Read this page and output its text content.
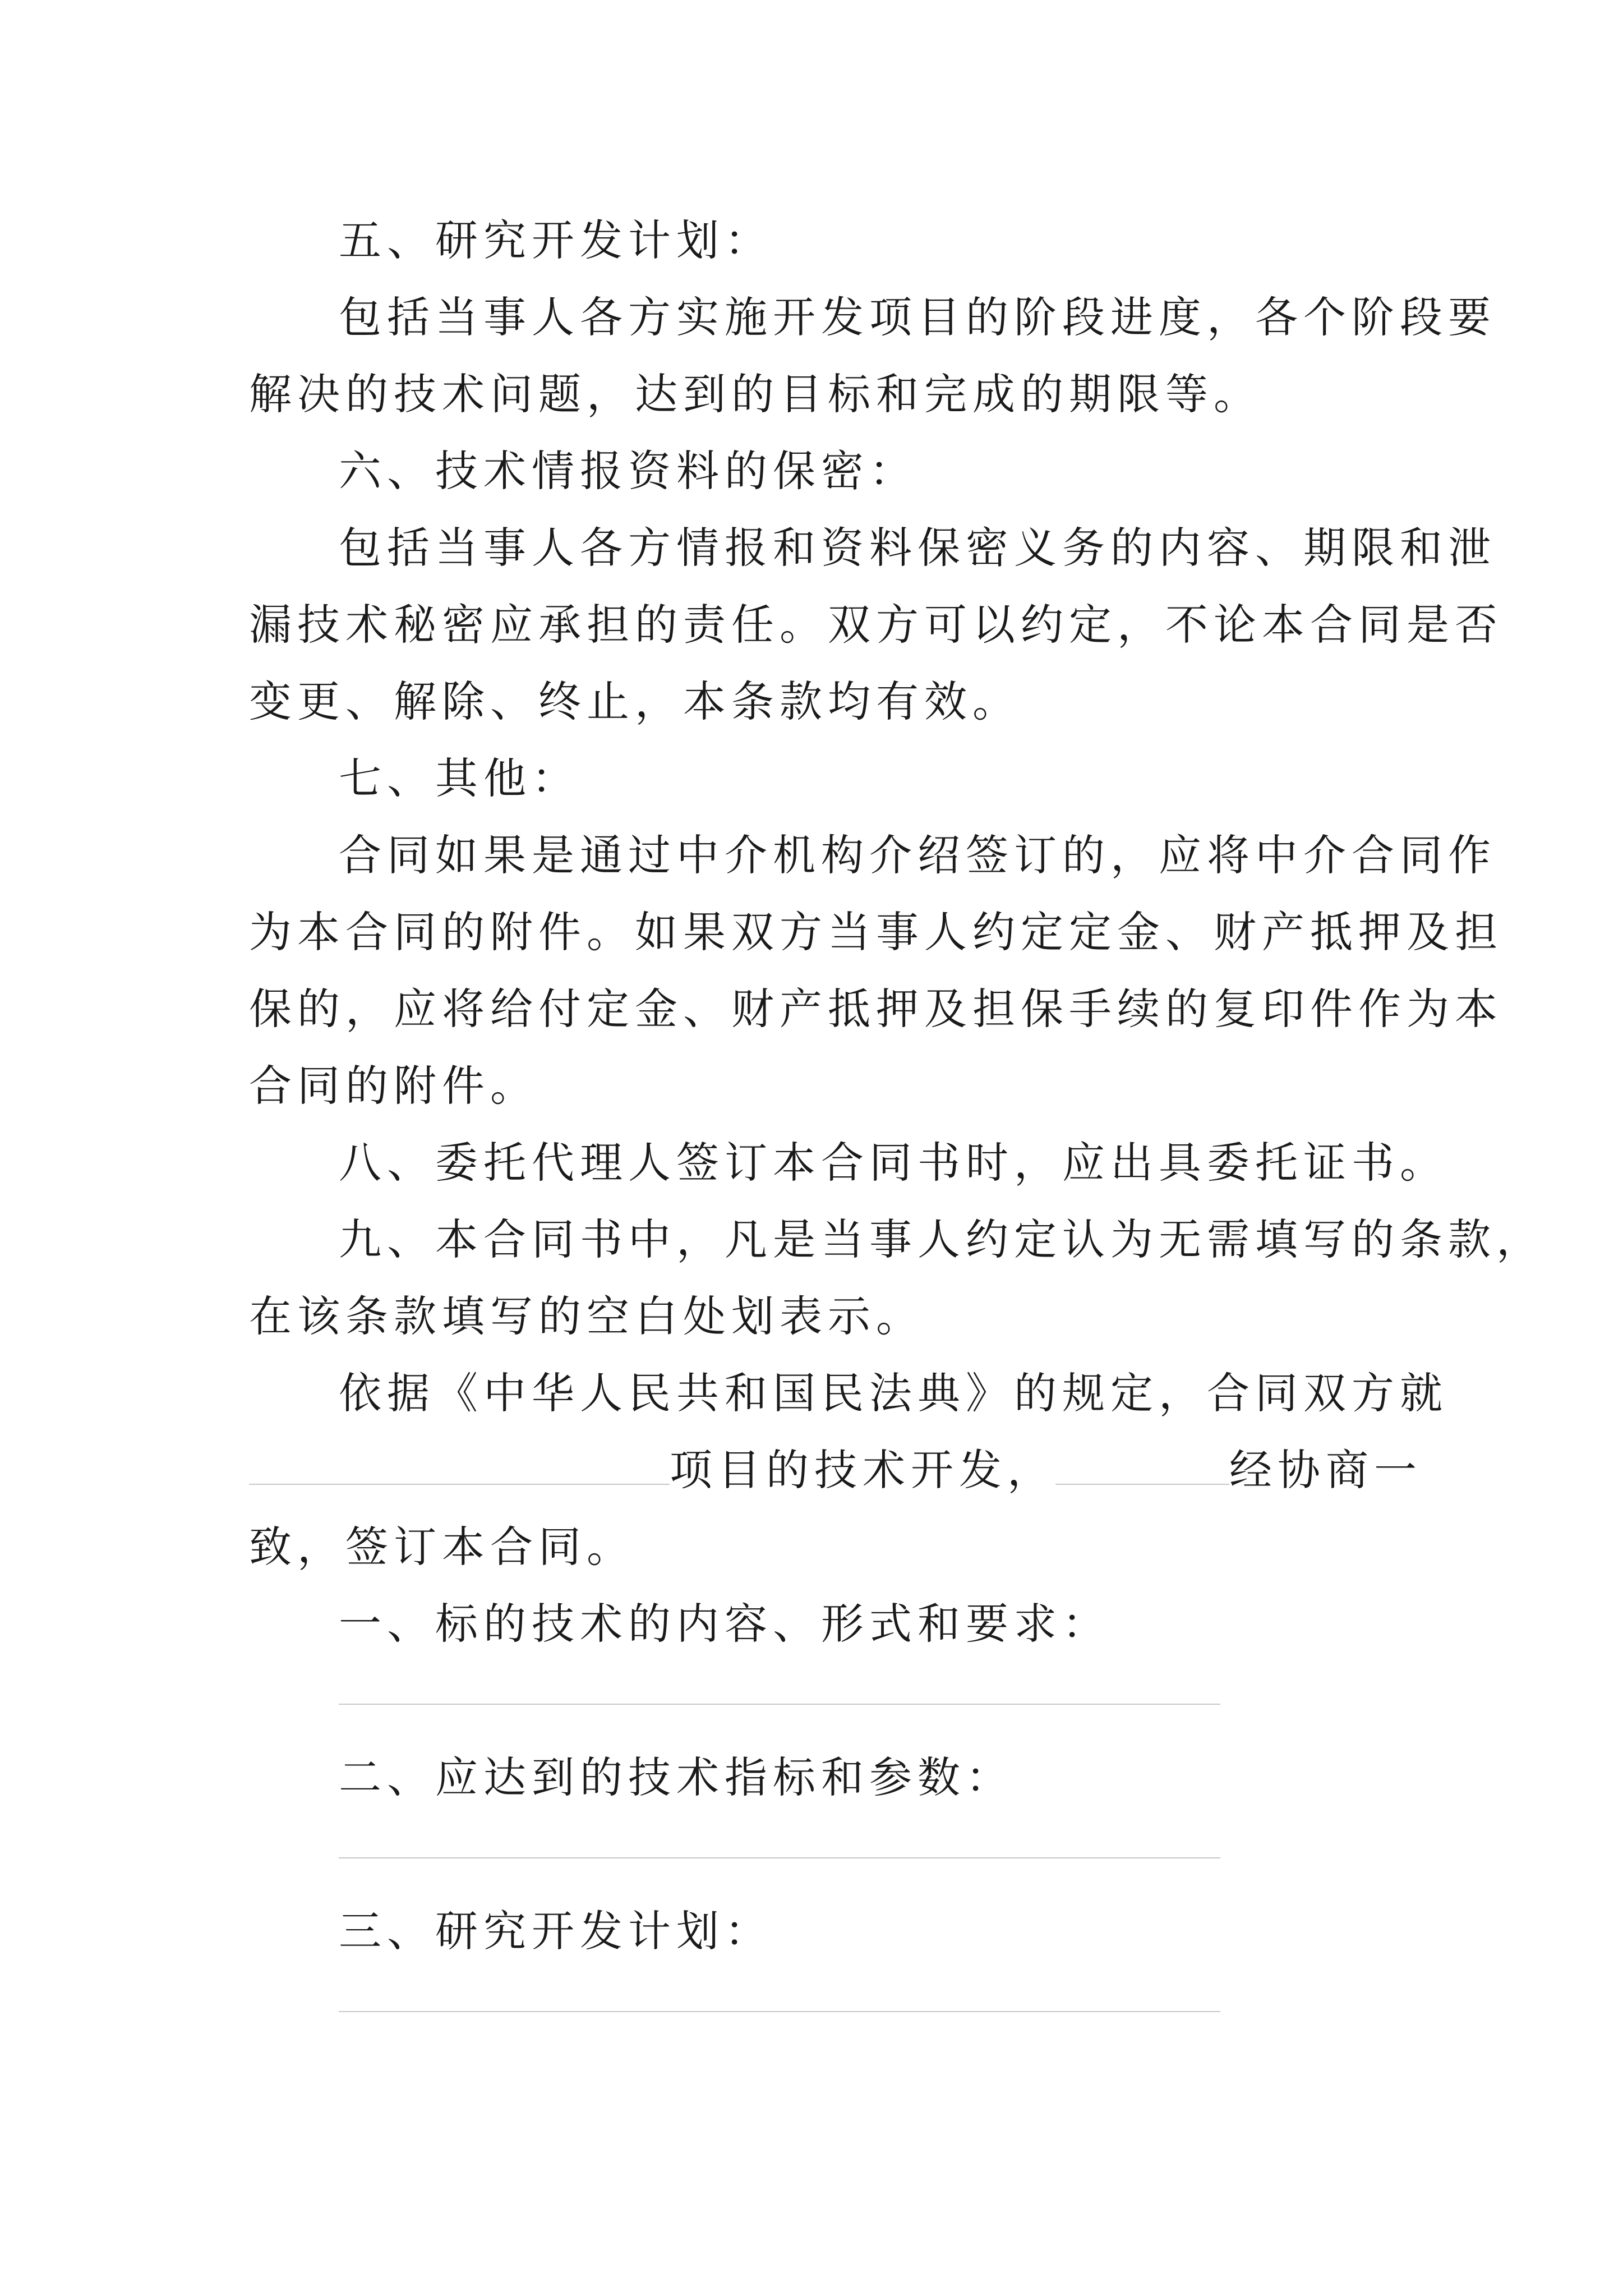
五、研究开发计划：
包括当事人各方实施开发项目的阶段进度，各个阶段要
解决的技术问题，达到的目标和完成的期限等。
六、技术情报资料的保密：
包括当事人各方情报和资料保密义务的内容、期限和泄
漏技术秘密应承担的责任。双方可以约定，不论本合同是否
变更、解除、终止，本条款均有效。
七、其他：
合同如果是通过中介机构介绍签订的，应将中介合同作
为本合同的附件。如果双方当事人约定定金、财产抵押及担
保的，应将给付定金、财产抵押及担保手续的复印件作为本
合同的附件。
八、委托代理人签订本合同书时，应出具委托证书。
九、本合同书中，凡是当事人约定认为无需填写的条款，
在该条款填写的空白处划表示。
依据《中华人民共和国民法典》的规定，合同双方就
项目的技术开发，	经协商一
致，签订本合同。
一、标的技术的内容、形式和要求：
二、应达到的技术指标和参数：
三、研究开发计划：
